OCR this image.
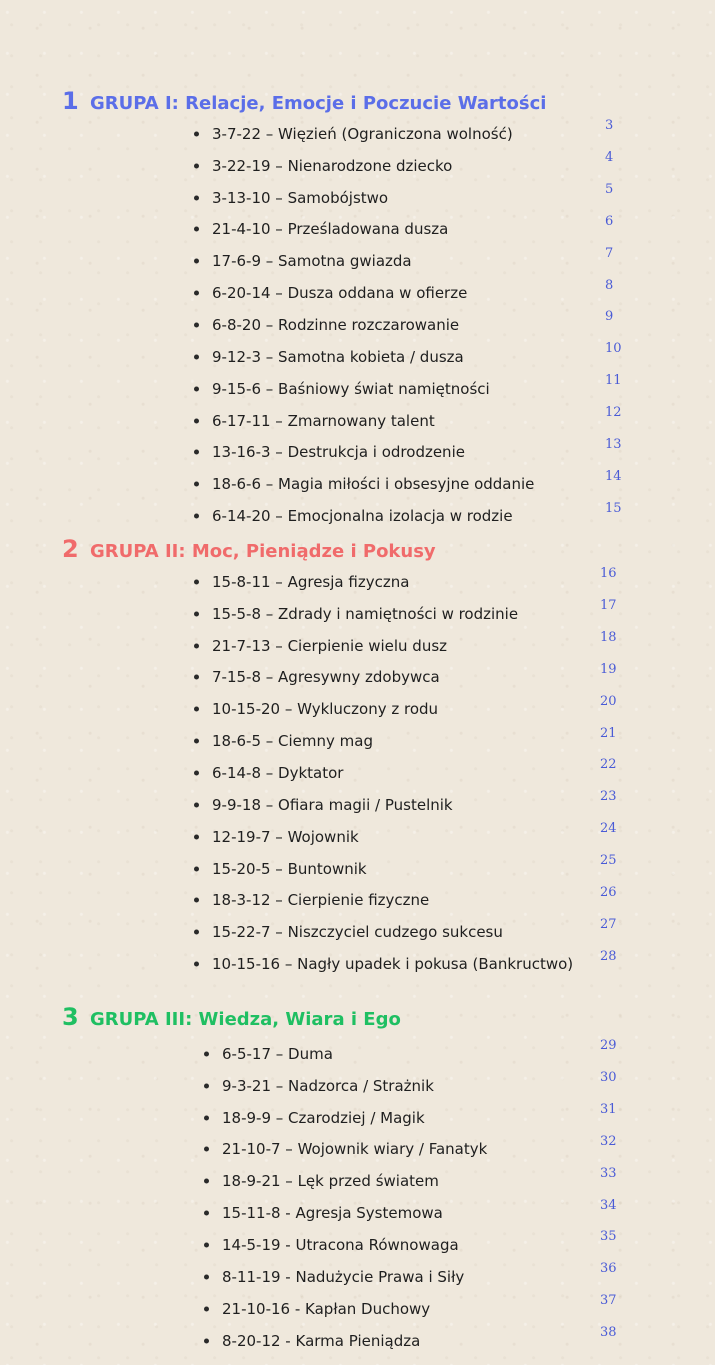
1 GRUPA I: Relacje, Emocje i Poczucie Wartości
3-7-22 – Więzień (Ograniczona wolność)	3
3-22-19 – Nienarodzone dziecko	4
3-13-10 – Samobójstwo	5
21-4-10 – Prześladowana dusza	6
17-6-9 – Samotna gwiazda	7
6-20-14 – Dusza oddana w ofierze	8
6-8-20 – Rodzinne rozczarowanie	9
9-12-3 – Samotna kobieta / dusza	10
9-15-6 – Baśniowy świat namiętności	11
6-17-11 – Zmarnowany talent	12
13-16-3 – Destrukcja i odrodzenie	13
18-6-6 – Magia miłości i obsesyjne oddanie	14
6-14-20 – Emocjonalna izolacja w rodzie	15
2 GRUPA II: Moc, Pieniądze i Pokusy
15-8-11 – Agresja fizyczna	16
15-5-8 – Zdrady i namiętności w rodzinie	17
21-7-13 – Cierpienie wielu dusz	18
7-15-8 – Agresywny zdobywca	19
10-15-20 – Wykluczony z rodu	20
18-6-5 – Ciemny mag	21
6-14-8 – Dyktator	22
9-9-18 – Ofiara magii / Pustelnik	23
12-19-7 – Wojownik	24
15-20-5 – Buntownik	25
18-3-12 – Cierpienie fizyczne	26
15-22-7 – Niszczyciel cudzego sukcesu	27
10-15-16 – Nagły upadek i pokusa (Bankructwo) 28
3 GRUPA III: Wiedza, Wiara i Ego
6-5-17 – Duma	29
9-3-21 – Nadzorca / Strażnik	30
18-9-9 – Czarodziej / Magik	31
21-10-7 – Wojownik wiary / Fanatyk	32
18-9-21 – Lęk przed światem	33
15-11-8 - Agresja Systemowa	34
14-5-19 - Utracona Równowaga	35
8-11-19 - Nadużycie Prawa i Siły	36
21-10-16 - Kapłan Duchowy	37
8-20-12 - Karma Pieniądza	38
